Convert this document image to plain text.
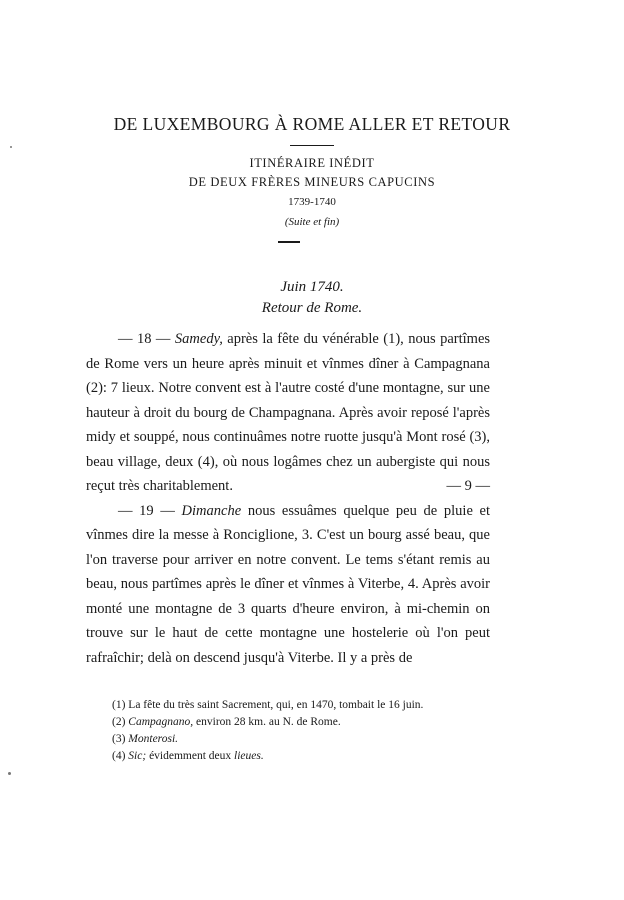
DE LUXEMBOURG À ROME ALLER ET RETOUR
ITINÉRAIRE INÉDIT
DE DEUX FRÈRES MINEURS CAPUCINS
1739-1740
(Suite et fin)
Juin 1740.
Retour de Rome.

— 18 — Samedy, après la fête du vénérable (1), nous partîmes de Rome vers un heure après minuit et vînmes dîner à Campagnana (2): 7 lieux. Notre convent est à l'autre costé d'une montagne, sur une hauteur à droit du bourg de Champagnana. Après avoir reposé l'après midy et souppé, nous continuâmes notre ruotte jusqu'à Mont rosé (3), beau village, deux (4), où nous logâmes chez un aubergiste qui nous reçut très charitablement.	— 9 —

— 19 — Dimanche nous essuâmes quelque peu de pluie et vînmes dire la messe à Ronciglione, 3. C'est un bourg assé beau, que l'on traverse pour arriver en notre convent. Le tems s'étant remis au beau, nous partîmes après le dîner et vînmes à Viterbe, 4. Après avoir monté une montagne de 3 quarts d'heure environ, à mi-chemin on trouve sur le haut de cette montagne une hostelerie où l'on peut rafraîchir; delà on descend jusqu'à Viterbe. Il y a près de

(1) La fête du très saint Sacrement, qui, en 1470, tombait le 16 juin.
(2) Campagnano, environ 28 km. au N. de Rome.
(3) Monterosi.
(4) Sic; évidemment deux lieues.
